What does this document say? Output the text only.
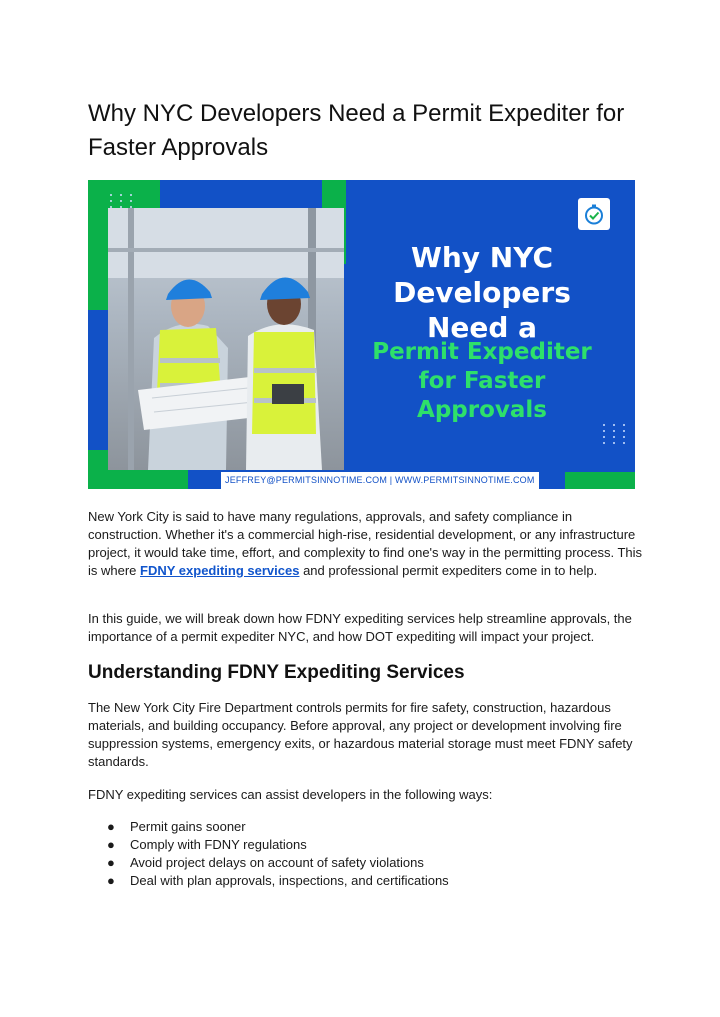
Why NYC Developers Need a Permit Expediter for Faster Approvals
Why NYC
Developers
Need a
Permit Expediter
for Faster
Approvals
JEFFREY@PERMITSINNOTIME.COM | WWW.PERMITSINNOTIME.COM

New York City is said to have many regulations, approvals, and safety compliance in construction. Whether it's a commercial high-rise, residential development, or any infrastructure project, it would take time, effort, and complexity to find one's way in the permitting process. This is where FDNY expediting services and professional permit expediters come in to help.

In this guide, we will break down how FDNY expediting services help streamline approvals, the importance of a permit expediter NYC, and how DOT expediting will impact your project.

Understanding FDNY Expediting Services

The New York City Fire Department controls permits for fire safety, construction, hazardous materials, and building occupancy. Before approval, any project or development involving fire suppression systems, emergency exits, or hazardous material storage must meet FDNY safety standards.

FDNY expediting services can assist developers in the following ways:

● Permit gains sooner
● Comply with FDNY regulations
● Avoid project delays on account of safety violations
● Deal with plan approvals, inspections, and certifications
